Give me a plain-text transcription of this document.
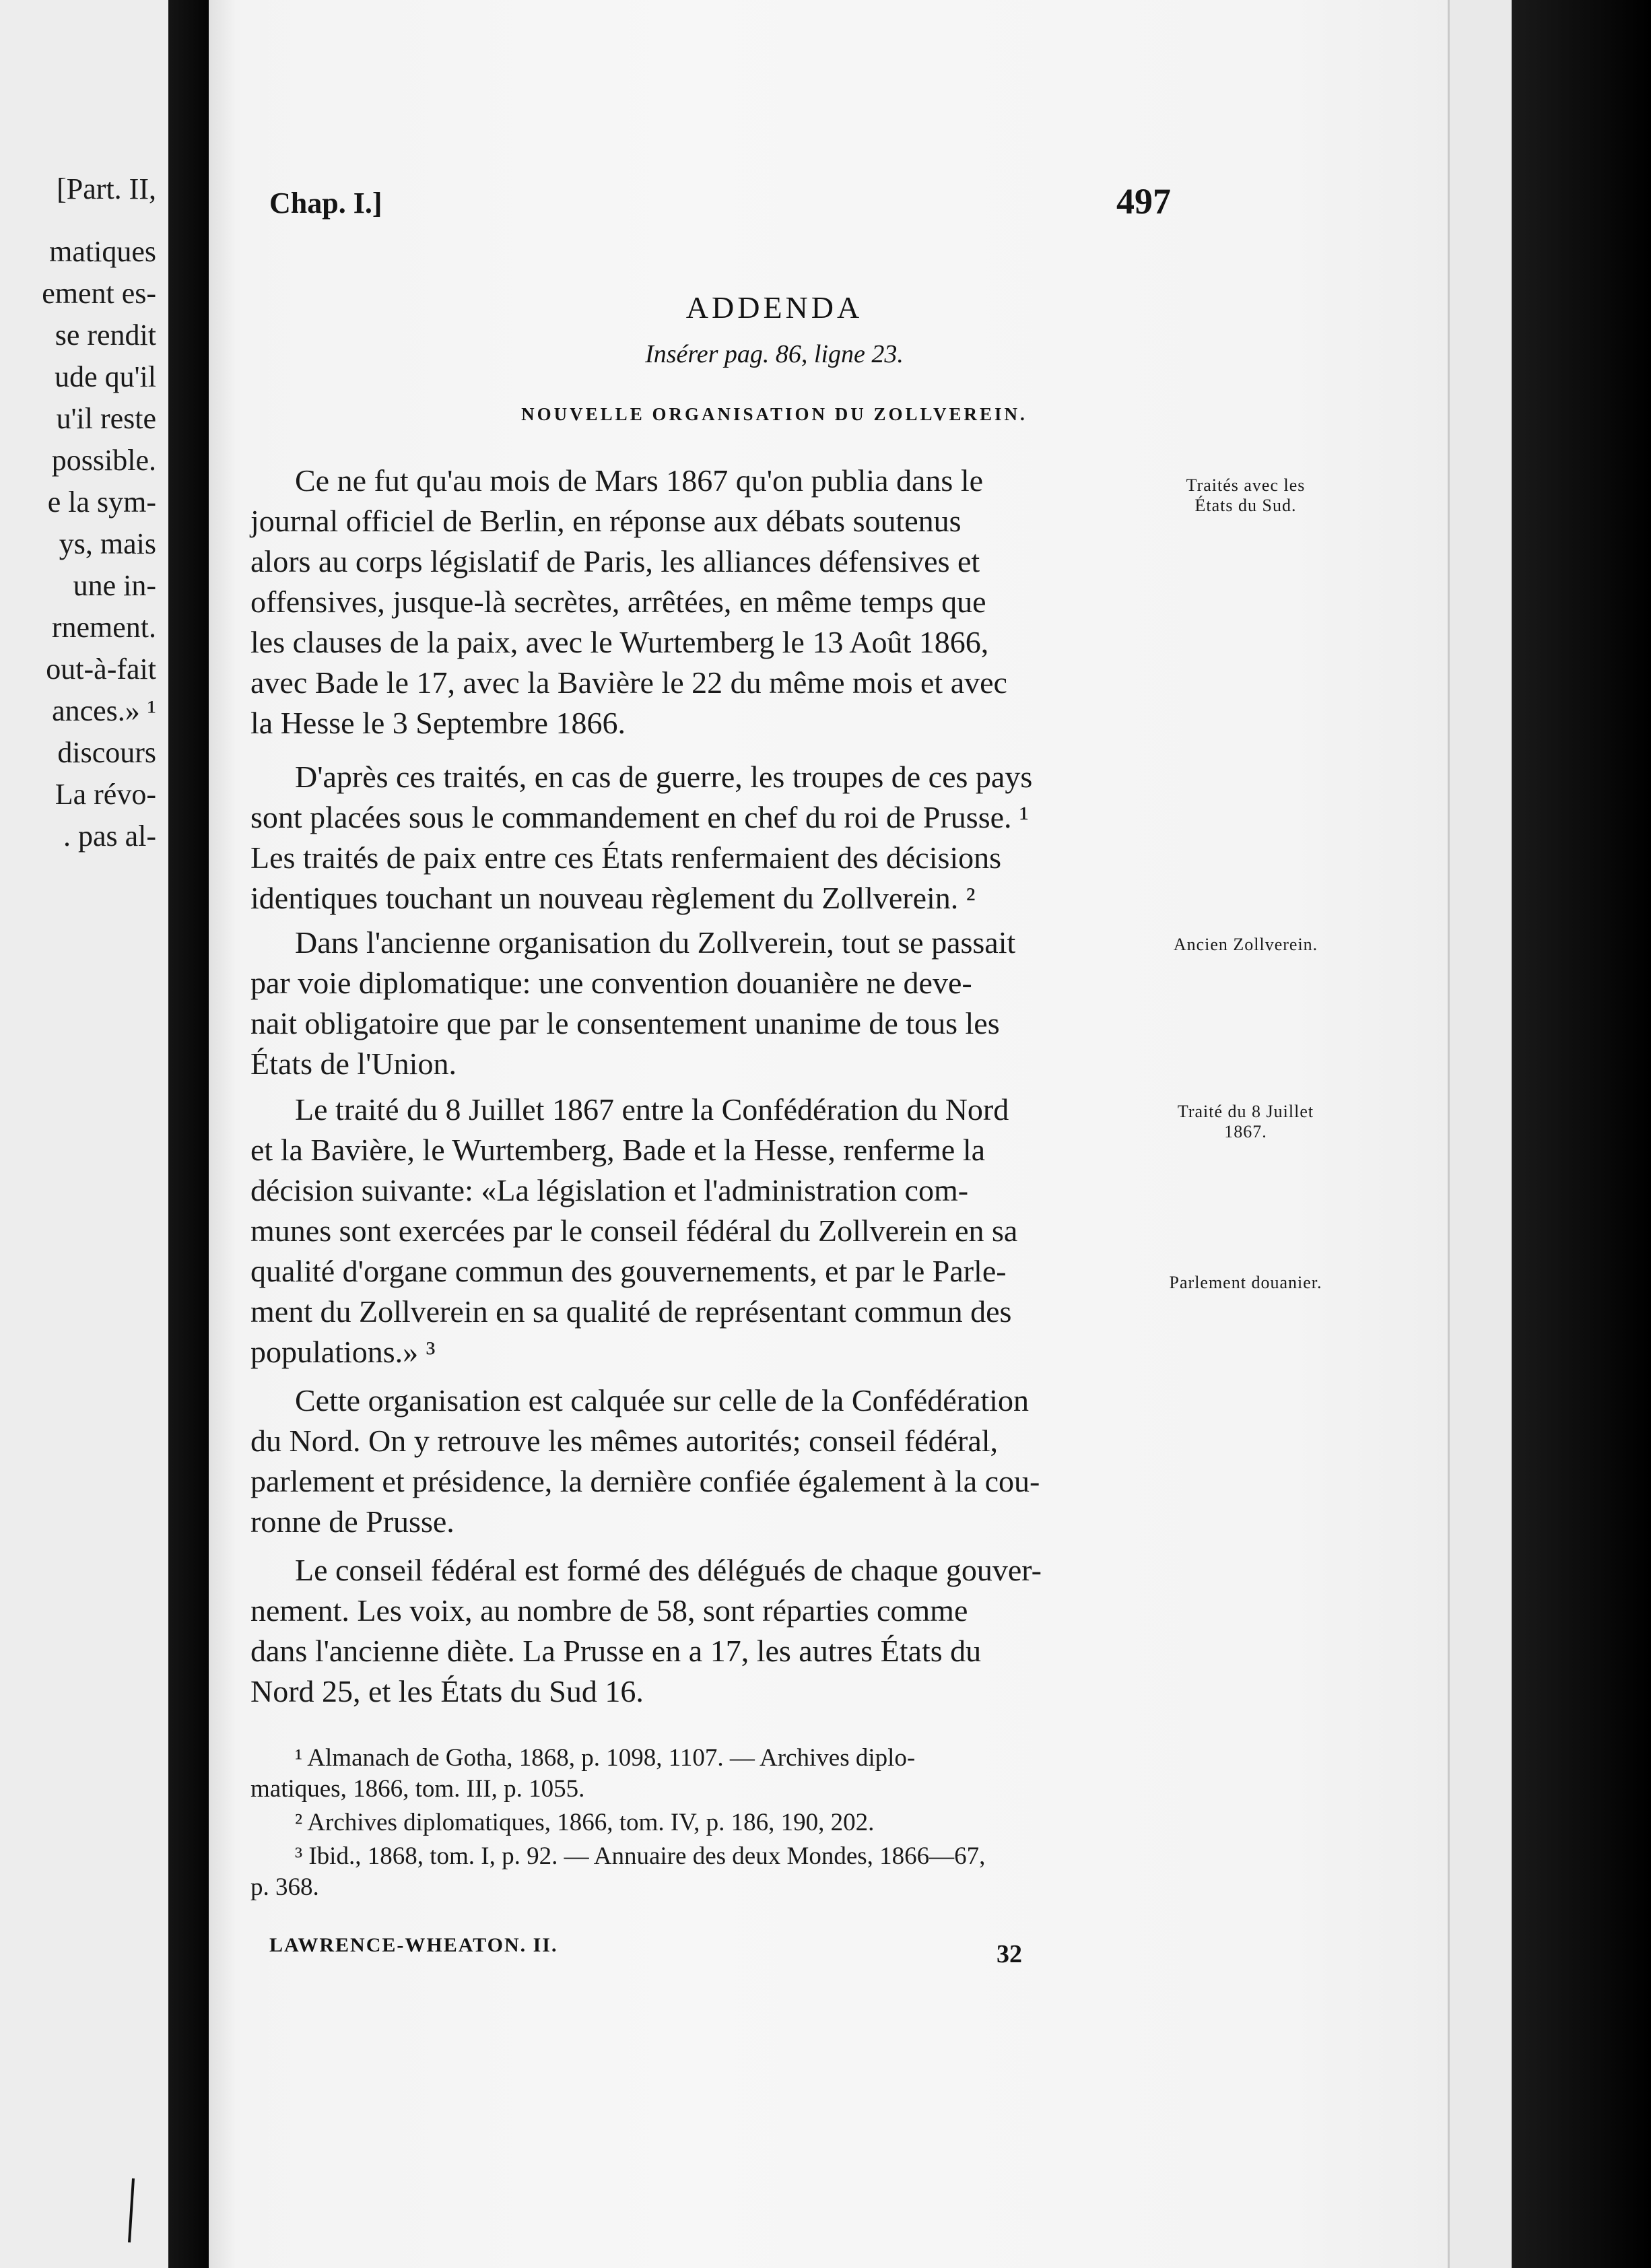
[Part. II,
matiques
ement es-
se rendit
ude qu'il
u'il reste
possible.
e la sym-
ys, mais
une in-
rnement.
out-à-fait
ances.» ¹
discours
La révo-
. pas al-
Chap. I.]	497
ADDENDA
Insérer pag. 86, ligne 23.
NOUVELLE ORGANISATION DU ZOLLVEREIN.
Ce ne fut qu'au mois de Mars 1867 qu'on publia dans le
journal officiel de Berlin, en réponse aux débats soutenus
alors au corps législatif de Paris, les alliances défensives et
offensives, jusque-là secrètes, arrêtées, en même temps que
les clauses de la paix, avec le Wurtemberg le 13 Août 1866,
avec Bade le 17, avec la Bavière le 22 du même mois et avec
la Hesse le 3 Septembre 1866.
D'après ces traités, en cas de guerre, les troupes de ces pays
sont placées sous le commandement en chef du roi de Prusse. ¹
Les traités de paix entre ces États renfermaient des décisions
identiques touchant un nouveau règlement du Zollverein. ²
Dans l'ancienne organisation du Zollverein, tout se passait
par voie diplomatique: une convention douanière ne deve-
nait obligatoire que par le consentement unanime de tous les
États de l'Union.
Le traité du 8 Juillet 1867 entre la Confédération du Nord
et la Bavière, le Wurtemberg, Bade et la Hesse, renferme la
décision suivante: «La législation et l'administration com-
munes sont exercées par le conseil fédéral du Zollverein en sa
qualité d'organe commun des gouvernements, et par le Parle-
ment du Zollverein en sa qualité de représentant commun des
populations.» ³
Cette organisation est calquée sur celle de la Confédération
du Nord. On y retrouve les mêmes autorités; conseil fédéral,
parlement et présidence, la dernière confiée également à la cou-
ronne de Prusse.
Le conseil fédéral est formé des délégués de chaque gouver-
nement. Les voix, au nombre de 58, sont réparties comme
dans l'ancienne diète. La Prusse en a 17, les autres États du
Nord 25, et les États du Sud 16.
Traités avec les États du Sud.
Ancien Zollverein.
Traité du 8 Juillet 1867.
Parlement douanier.
¹ Almanach de Gotha, 1868, p. 1098, 1107. — Archives diplo-
matiques, 1866, tom. III, p. 1055.
² Archives diplomatiques, 1866, tom. IV, p. 186, 190, 202.
³ Ibid., 1868, tom. I, p. 92. — Annuaire des deux Mondes, 1866—67,
p. 368.
LAWRENCE-WHEATON. II.	32
